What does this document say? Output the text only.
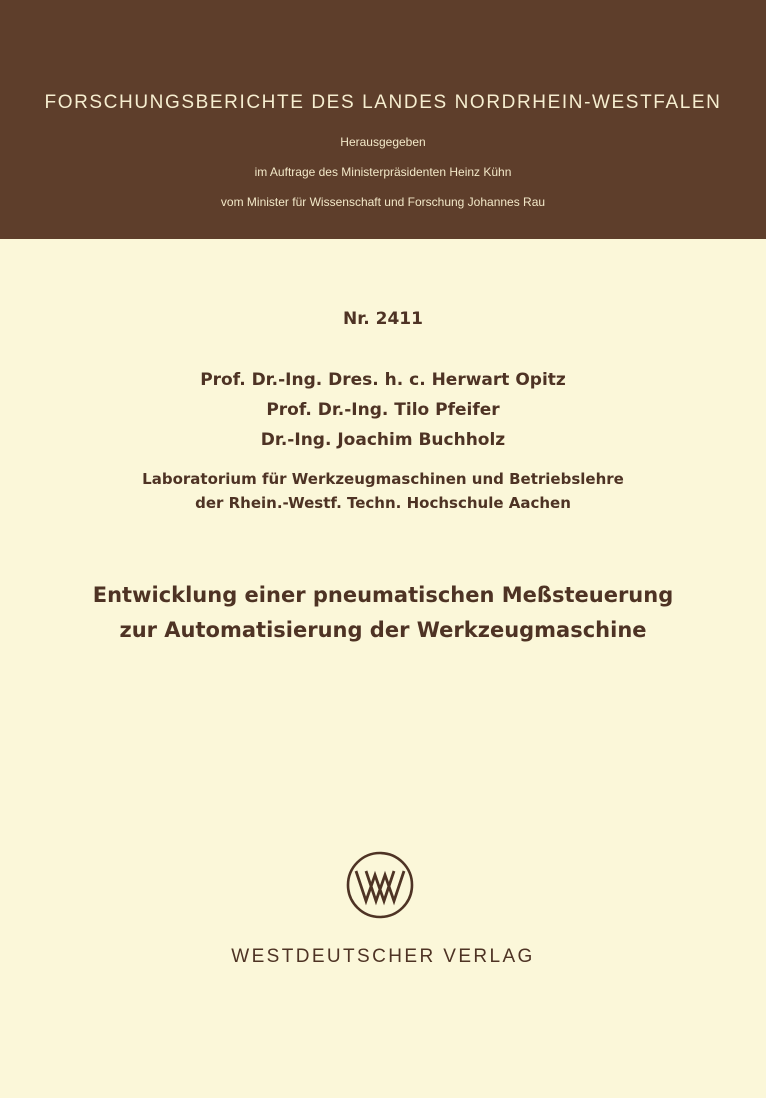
FORSCHUNGSBERICHTE DES LANDES NORDRHEIN-WESTFALEN
Herausgegeben
im Auftrage des Ministerpräsidenten Heinz Kühn
vom Minister für Wissenschaft und Forschung Johannes Rau
Nr. 2411
Prof. Dr.-Ing. Dres. h. c. Herwart Opitz
Prof. Dr.-Ing. Tilo Pfeifer
Dr.-Ing. Joachim Buchholz
Laboratorium für Werkzeugmaschinen und Betriebslehre
der Rhein.-Westf. Techn. Hochschule Aachen
Entwicklung einer pneumatischen Meßsteuerung
zur Automatisierung der Werkzeugmaschine
WESTDEUTSCHER VERLAG
